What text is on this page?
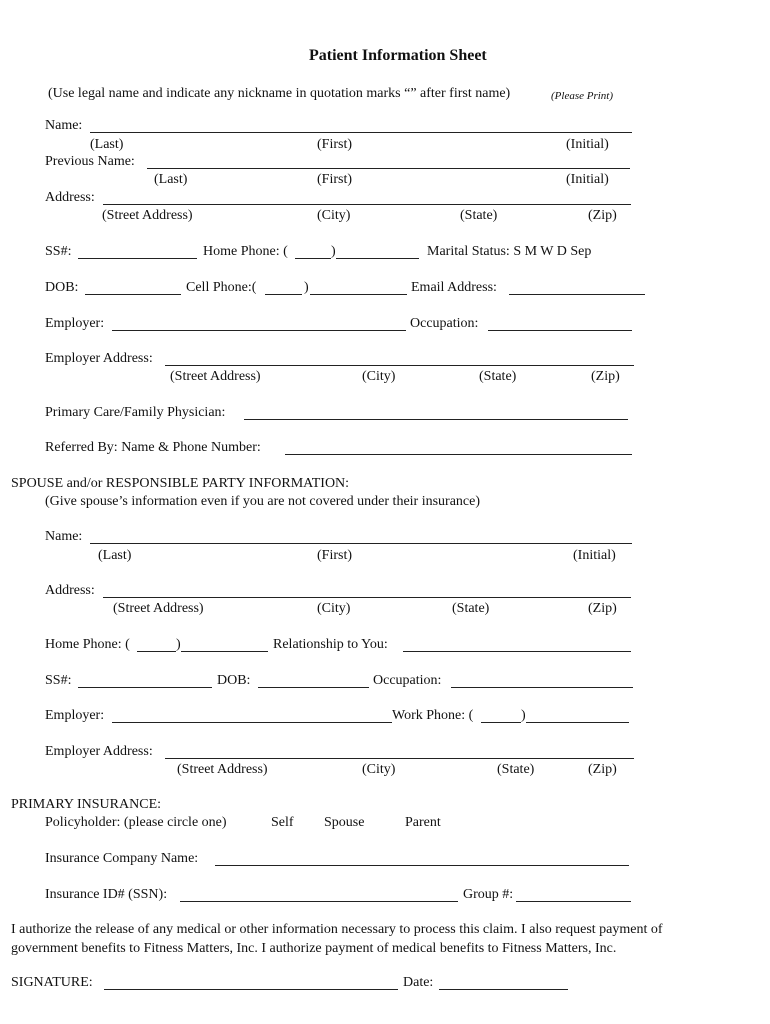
Patient Information Sheet
(Use legal name and indicate any nickname in quotation marks “” after first name)	(Please Print)
Name:
(Last)	(First)	(Initial)
Previous Name:
(Last)	(First)	(Initial)
Address:
(Street Address)	(City)	(State)	(Zip)
SS#:	Home Phone: (	)	Marital Status: S M W D Sep
DOB:	Cell Phone:(	)	Email Address:
Employer:	Occupation:
Employer Address:
(Street Address)	(City)	(State)	(Zip)
Primary Care/Family Physician:
Referred By: Name & Phone Number:
SPOUSE and/or RESPONSIBLE PARTY INFORMATION:
(Give spouse’s information even if you are not covered under their insurance)
Name:
(Last)	(First)	(Initial)
Address:
(Street Address)	(City)	(State)	(Zip)
Home Phone: (	)	Relationship to You:
SS#:	DOB:	Occupation:
Employer:	Work Phone: (	)
Employer Address:
(Street Address)	(City)	(State)	(Zip)
PRIMARY INSURANCE:
Policyholder: (please circle one)	Self Spouse	Parent
Insurance Company Name:
Insurance ID# (SSN):	Group #:
I authorize the release of any medical or other information necessary to process this claim. I also request payment of
government benefits to Fitness Matters, Inc. I authorize payment of medical benefits to Fitness Matters, Inc.
SIGNATURE:	Date:
